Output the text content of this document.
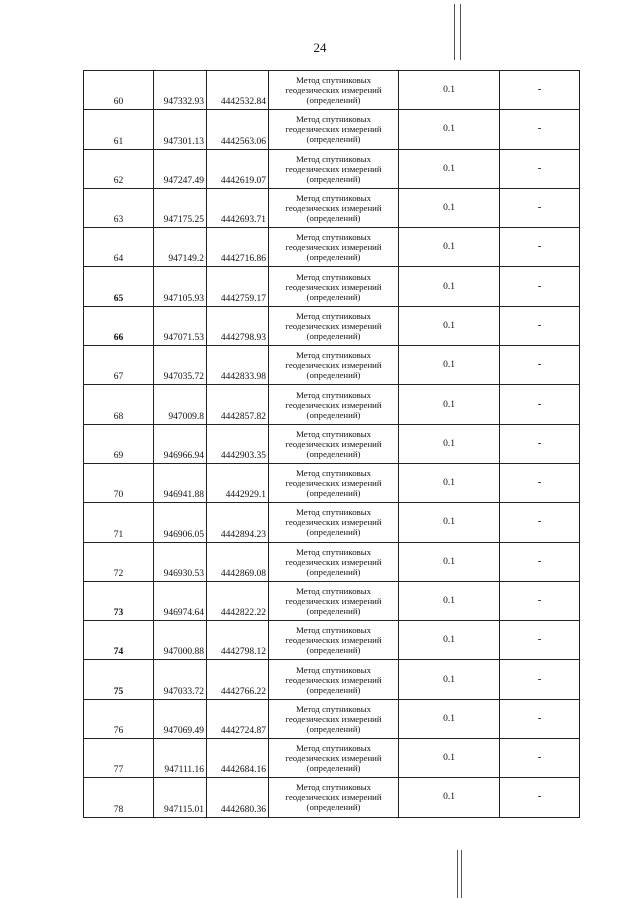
24
60	947332.93	4442532.84	Метод спутниковых
геодезических измерений
(определений)	0.1	-
61	947301.13	4442563.06	Метод спутниковых
геодезических измерений
(определений)	0.1	-
62	947247.49	4442619.07	Метод спутниковых
геодезических измерений
(определений)	0.1	-
63	947175.25	4442693.71	Метод спутниковых
геодезических измерений
(определений)	0.1	-
64	947149.2	4442716.86	Метод спутниковых
геодезических измерений
(определений)	0.1	-
65	947105.93	4442759.17	Метод спутниковых
геодезических измерений
(определений)	0.1	-
66	947071.53	4442798.93	Метод спутниковых
геодезических измерений
(определений)	0.1	-
67	947035.72	4442833.98	Метод спутниковых
геодезических измерений
(определений)	0.1	-
68	947009.8	4442857.82	Метод спутниковых
геодезических измерений
(определений)	0.1	-
69	946966.94	4442903.35	Метод спутниковых
геодезических измерений
(определений)	0.1	-
70	946941.88	4442929.1	Метод спутниковых
геодезических измерений
(определений)	0.1	-
71	946906.05	4442894.23	Метод спутниковых
геодезических измерений
(определений)	0.1	-
72	946930.53	4442869.08	Метод спутниковых
геодезических измерений
(определений)	0.1	-
73	946974.64	4442822.22	Метод спутниковых
геодезических измерений
(определений)	0.1	-
74	947000.88	4442798.12	Метод спутниковых
геодезических измерений
(определений)	0.1	-
75	947033.72	4442766.22	Метод спутниковых
геодезических измерений
(определений)	0.1	-
76	947069.49	4442724.87	Метод спутниковых
геодезических измерений
(определений)	0.1	-
77	947111.16	4442684.16	Метод спутниковых
геодезических измерений
(определений)	0.1	-
78	947115.01	4442680.36	Метод спутниковых
геодезических измерений
(определений)	0.1	-
